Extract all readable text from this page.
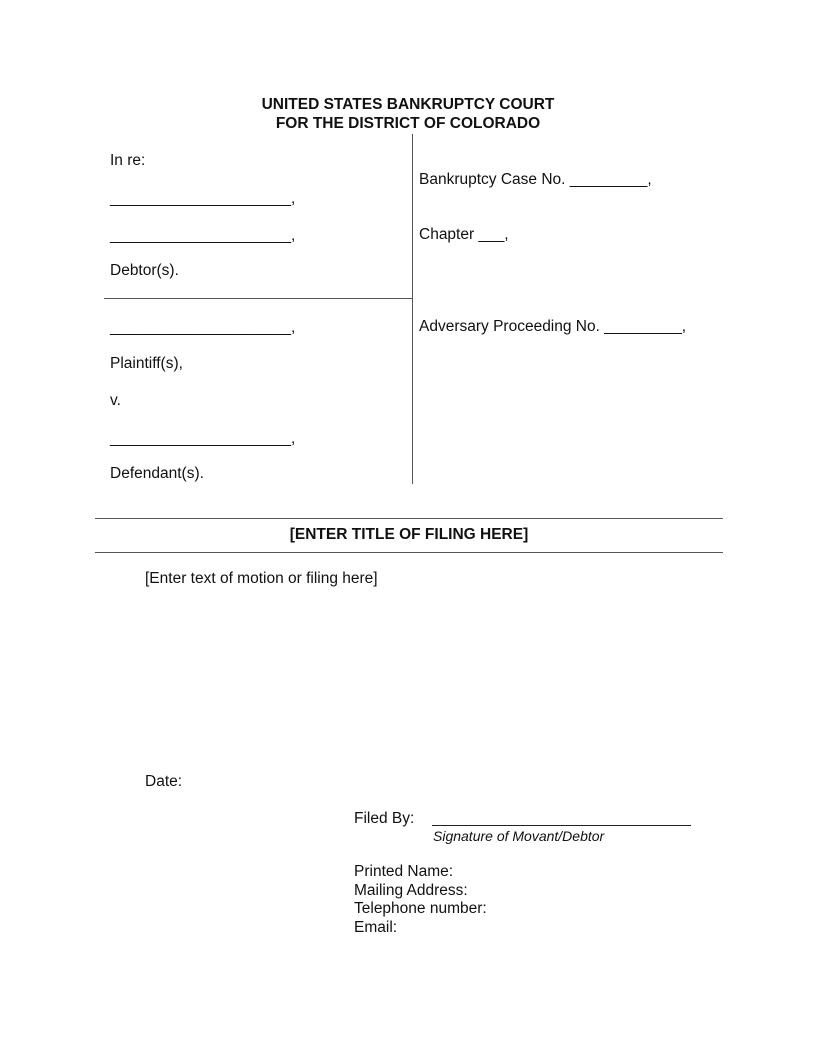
UNITED STATES BANKRUPTCY COURT
FOR THE DISTRICT OF COLORADO
In re:
_____________________,
_____________________,
Debtor(s).
_____________________,
Plaintiff(s),
v.
_____________________,
Defendant(s).
Bankruptcy Case No. _________,
Chapter ___,
Adversary Proceeding No. _________,
[ENTER TITLE OF FILING HERE]
[Enter text of motion or filing here]
Date:
Filed By:
Signature of Movant/Debtor
Printed Name:
Mailing Address:
Telephone number:
Email:
